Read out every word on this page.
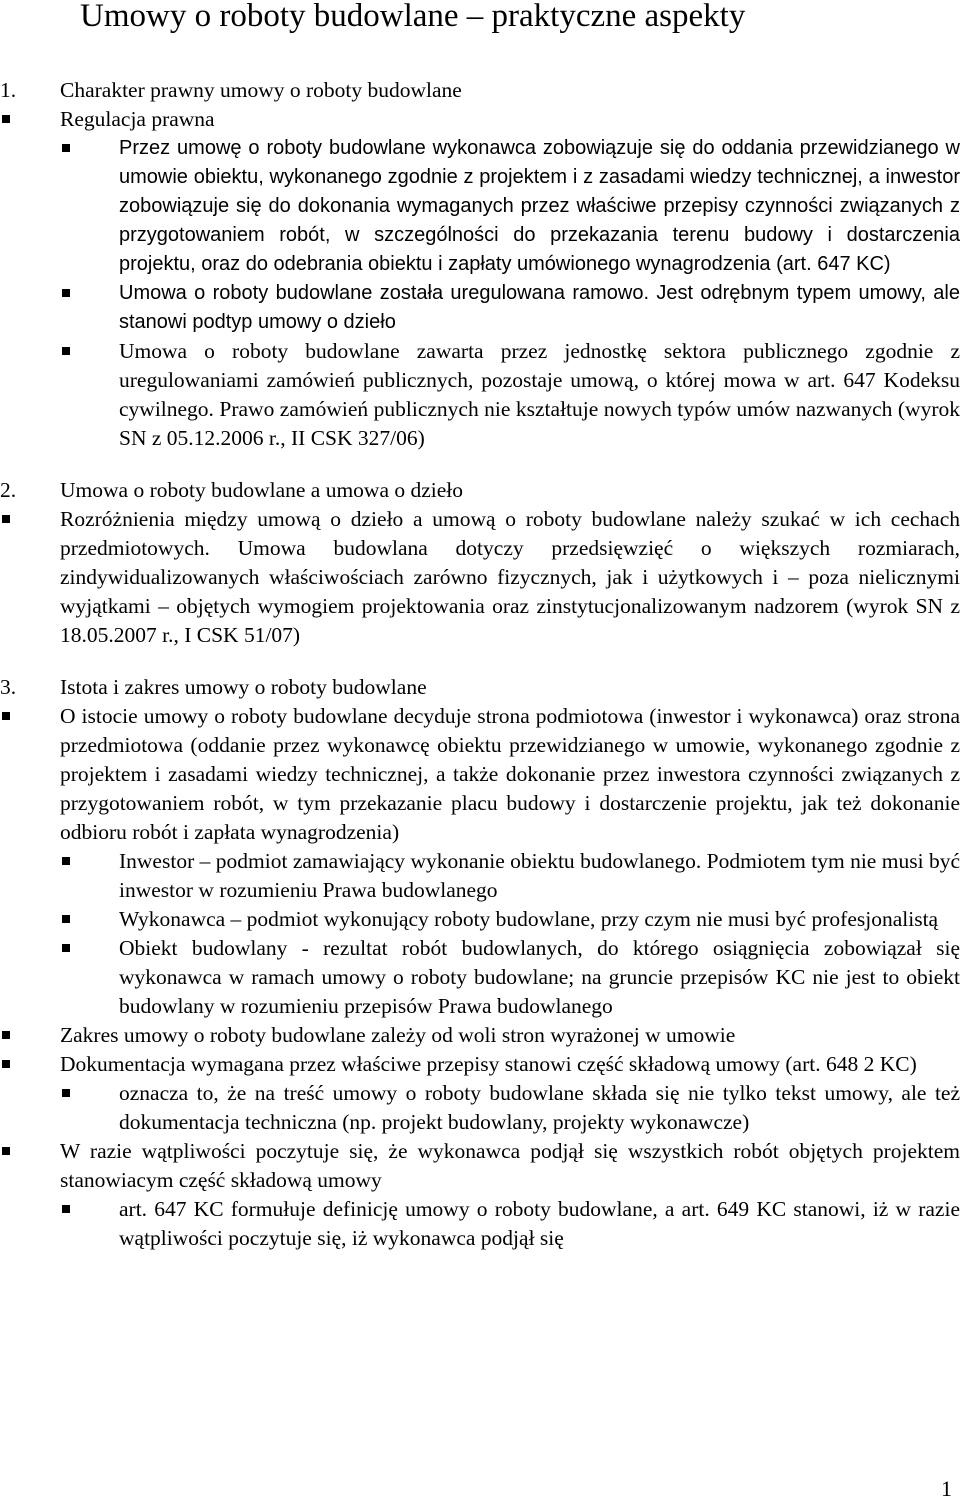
Umowy o roboty budowlane – praktyczne aspekty
1. Charakter prawny umowy o roboty budowlane
Regulacja prawna
Przez umowę o roboty budowlane wykonawca zobowiązuje się do oddania przewidzianego w umowie obiektu, wykonanego zgodnie z projektem i z zasadami wiedzy technicznej, a inwestor zobowiązuje się do dokonania wymaganych przez właściwe przepisy czynności związanych z przygotowaniem robót, w szczególności do przekazania terenu budowy i dostarczenia projektu, oraz do odebrania obiektu i zapłaty umówionego wynagrodzenia (art. 647 KC)
Umowa o roboty budowlane została uregulowana ramowo. Jest odrębnym typem umowy, ale stanowi podtyp umowy o dzieło
Umowa o roboty budowlane zawarta przez jednostkę sektora publicznego zgodnie z uregulowaniami zamówień publicznych, pozostaje umową, o której mowa w art. 647 Kodeksu cywilnego. Prawo zamówień publicznych nie kształtuje nowych typów umów nazwanych (wyrok SN z 05.12.2006 r., II CSK 327/06)
2. Umowa o roboty budowlane a umowa o dzieło
Rozróżnienia między umową o dzieło a umową o roboty budowlane należy szukać w ich cechach przedmiotowych. Umowa budowlana dotyczy przedsięwzięć o większych rozmiarach, zindywidualizowanych właściwościach zarówno fizycznych, jak i użytkowych i – poza nielicznymi wyjątkami – objętych wymogiem projektowania oraz zinstytucjonalizowanym nadzorem (wyrok SN z 18.05.2007 r., I CSK 51/07)
3. Istota i zakres umowy o roboty budowlane
O istocie umowy o roboty budowlane decyduje strona podmiotowa (inwestor i wykonawca) oraz strona przedmiotowa (oddanie przez wykonawcę obiektu przewidzianego w umowie, wykonanego zgodnie z projektem i zasadami wiedzy technicznej, a także dokonanie przez inwestora czynności związanych z przygotowaniem robót, w tym przekazanie placu budowy i dostarczenie projektu, jak też dokonanie odbioru robót i zapłata wynagrodzenia)
Inwestor – podmiot zamawiający wykonanie obiektu budowlanego. Podmiotem tym nie musi być inwestor w rozumieniu Prawa budowlanego
Wykonawca – podmiot wykonujący roboty budowlane, przy czym nie musi być profesjonalistą
Obiekt budowlany - rezultat robót budowlanych, do którego osiągnięcia zobowiązał się wykonawca w ramach umowy o roboty budowlane; na gruncie przepisów KC nie jest to obiekt budowlany w rozumieniu przepisów Prawa budowlanego
Zakres umowy o roboty budowlane zależy od woli stron wyrażonej w umowie
Dokumentacja wymagana przez właściwe przepisy stanowi część składową umowy (art. 648 2 KC)
oznacza to, że na treść umowy o roboty budowlane składa się nie tylko tekst umowy, ale też dokumentacja techniczna (np. projekt budowlany, projekty wykonawcze)
W razie wątpliwości poczytuje się, że wykonawca podjął się wszystkich robót objętych projektem stanowiacym część składową umowy
art. 647 KC formułuje definicję umowy o roboty budowlane, a art. 649 KC stanowi, iż w razie wątpliwości poczytuje się, iż wykonawca podjął się
1
